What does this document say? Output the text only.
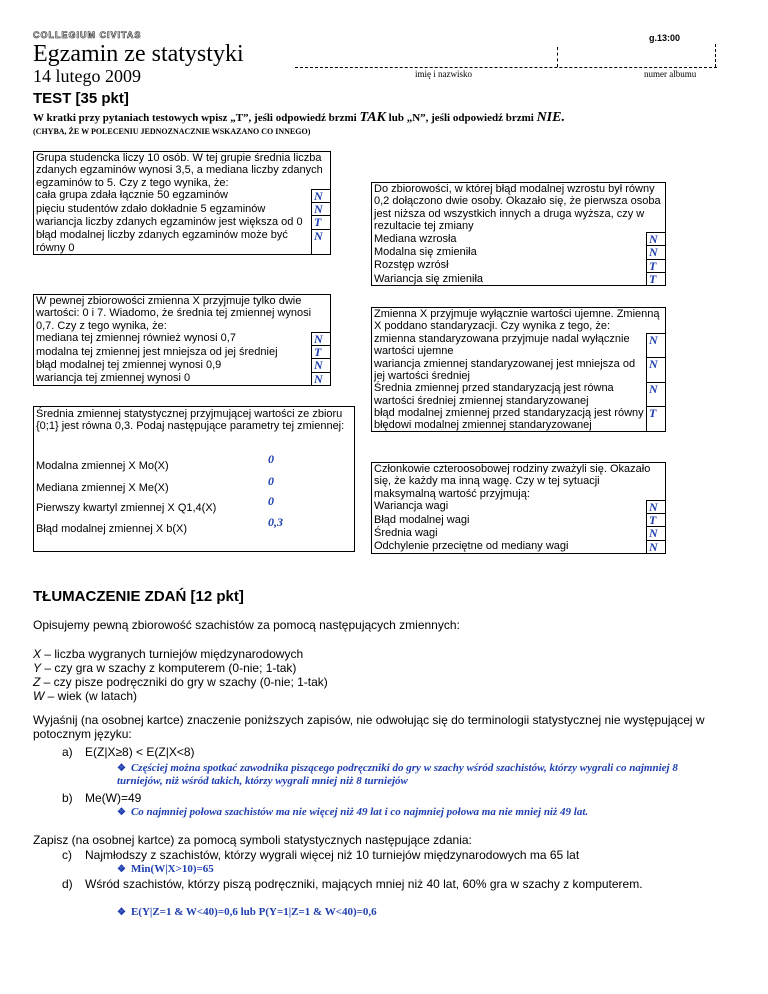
COLLEGIUM CIVITAS	g.13:00
Egzamin ze statystyki
14 lutego 2009	imię i nazwisko	numer albumu
TEST [35 pkt]
W kratki przy pytaniach testowych wpisz „T”, jeśli odpowiedź brzmi TAK lub „N”, jeśli odpowiedź brzmi NIE.
(CHYBA, ŻE W POLECENIU JEDNOZNACZNIE WSKAZANO CO INNEGO)
Grupa studencka liczy 10 osób. W tej grupie średnia liczba zdanych egzaminów wynosi 3,5, a mediana liczby zdanych egzaminów to 5. Czy z tego wynika, że:	
cała grupa zdała łącznie 50 egzaminów	N
pięciu studentów zdało dokładnie 5 egzaminów	N
wariancja liczby zdanych egzaminów jest większa od 0	T
błąd modalnej liczby zdanych egzaminów może być równy 0	N
W pewnej zbiorowości zmienna X przyjmuje tylko dwie wartości: 0 i 7. Wiadomo, że średnia tej zmiennej wynosi 0,7. Czy z tego wynika, że:	
mediana tej zmiennej również wynosi 0,7	N
modalna tej zmiennej jest mniejsza od jej średniej	T
błąd modalnej tej zmiennej wynosi 0,9	N
wariancja tej zmiennej wynosi 0	N
Średnia zmiennej statystycznej przyjmującej wartości ze zbioru {0;1} jest równa 0,3. Podaj następujące parametry tej zmiennej:
Modalna zmiennej X Mo(X)	0
Mediana zmiennej X Me(X)	0
Pierwszy kwartyl zmiennej X Q1,4(X)	0
Błąd modalnej zmiennej X b(X)	0,3
Do zbiorowości, w której błąd modalnej wzrostu był równy 0,2 dołączono dwie osoby. Okazało się, że pierwsza osoba jest niższa od wszystkich innych a druga wyższa, czy w rezultacie tej zmiany	
Mediana wzrosła	N
Modalna się zmieniła	N
Rozstęp wzrósł	T
Wariancja się zmieniła	T
Zmienna X przyjmuje wyłącznie wartości ujemne. Zmienną X poddano standaryzacji. Czy wynika z tego, że:	
zmienna standaryzowana przyjmuje nadal wyłącznie wartości ujemne	N
wariancja zmiennej standaryzowanej jest mniejsza od jej wartości średniej	N
Średnia zmiennej przed standaryzacją jest równa wartości średniej zmiennej standaryzowanej	N
błąd modalnej zmiennej przed standaryzacją jest równy błędowi modalnej zmiennej standaryzowanej	T
Członkowie czteroosobowej rodziny zważyli się. Okazało się, że każdy ma inną wagę. Czy w tej sytuacji maksymalną wartość przyjmują:	
Wariancja wagi	N
Błąd modalnej wagi	T
Średnia wagi	N
Odchylenie przeciętne od mediany wagi	N
TŁUMACZENIE ZDAŃ [12 pkt]
Opisujemy pewną zbiorowość szachistów za pomocą następujących zmiennych:
X – liczba wygranych turniejów międzynarodowych
Y – czy gra w szachy z komputerem (0-nie; 1-tak)
Z – czy pisze podręczniki do gry w szachy (0-nie; 1-tak)
W – wiek (w latach)
Wyjaśnij (na osobnej kartce) znaczenie poniższych zapisów, nie odwołując się do terminologii statystycznej nie występującej w potocznym języku:
a) E(Z|X≥8) < E(Z|X<8)
❖ Częściej można spotkać zawodnika piszącego podręczniki do gry w szachy wśród szachistów, którzy wygrali co najmniej 8 turniejów, niż wśród takich, którzy wygrali mniej niż 8 turniejów
b) Me(W)=49
❖ Co najmniej połowa szachistów ma nie więcej niż 49 lat i co najmniej połowa ma nie mniej niż 49 lat.
Zapisz (na osobnej kartce) za pomocą symboli statystycznych następujące zdania:
c) Najmłodszy z szachistów, którzy wygrali więcej niż 10 turniejów międzynarodowych ma 65 lat
❖ Min(W|X>10)=65
d) Wśród szachistów, którzy piszą podręczniki, mających mniej niż 40 lat, 60% gra w szachy z komputerem.
❖ E(Y|Z=1 & W<40)=0,6 lub P(Y=1|Z=1 & W<40)=0,6
